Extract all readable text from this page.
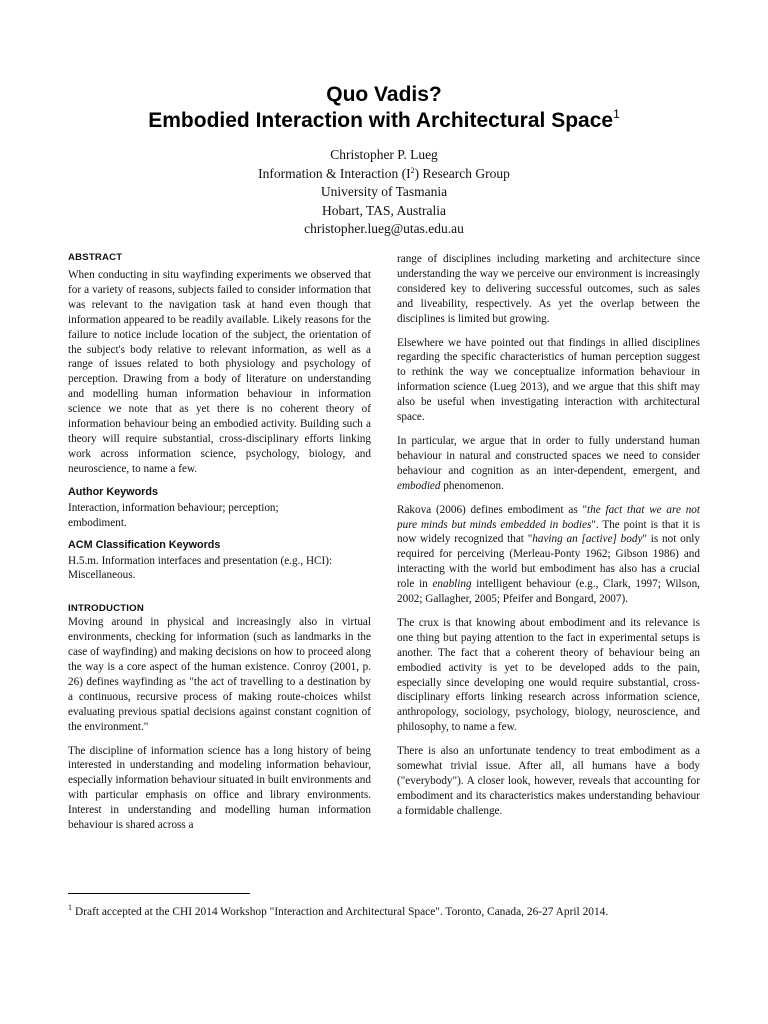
Quo Vadis?
Embodied Interaction with Architectural Space$^1$
Christopher P. Lueg
Information & Interaction $(I^2)$ Research Group
University of Tasmania
Hobart, TAS, Australia
christopher.lueg@utas.edu.au
ABSTRACT

When conducting in situ wayfinding experiments we observed that for a variety of reasons, subjects failed to consider information that was relevant to the navigation task at hand even though that information appeared to be readily available. Likely reasons for the failure to notice include location of the subject, the orientation of the subject's body relative to relevant information, as well as a range of issues related to both physiology and psychology of perception. Drawing from a body of literature on understanding and modelling human information behaviour in information science we note that as yet there is no coherent theory of information behaviour being an embodied activity. Building such a theory will require substantial, cross-disciplinary efforts linking work across information science, psychology, biology, and neuroscience, to name a few.

Author Keywords
Interaction, information behaviour; perception;
embodiment.
ACM Classification Keywords
H.5.m. Information interfaces and presentation (e.g., HCI):
Miscellaneous.
INTRODUCTION

Moving around in physical and increasingly also in virtual environments, checking for information (such as landmarks in the case of wayfinding) and making decisions on how to proceed along the way is a core aspect of the human existence. Conroy (2001, p. 26) defines wayfinding as "the act of travelling to a destination by a continuous, recursive process of making route-choices whilst evaluating previous spatial decisions against constant cognition of the environment."

The discipline of information science has a long history of being interested in understanding and modeling information behaviour, especially information behaviour situated in built environments and with particular emphasis on office and library environments. Interest in understanding and modelling human information behaviour is shared across a

range of disciplines including marketing and architecture since understanding the way we perceive our environment is increasingly considered key to delivering successful outcomes, such as sales and liveability, respectively. As yet the overlap between the disciplines is limited but growing.

Elsewhere we have pointed out that findings in allied disciplines regarding the specific characteristics of human perception suggest to rethink the way we conceptualize information behaviour in information science (Lueg 2013), and we argue that this shift may also be useful when investigating interaction with architectural space.

In particular, we argue that in order to fully understand human behaviour in natural and constructed spaces we need to consider behaviour and cognition as an inter-dependent, emergent, and embodied phenomenon.

Rakova (2006) defines embodiment as "the fact that we are not pure minds but minds embedded in bodies". The point is that it is now widely recognized that "having an [active] body" is not only required for perceiving (Merleau-Ponty 1962; Gibson 1986) and interacting with the world but embodiment has also has a crucial role in enabling intelligent behaviour (e.g., Clark, 1997; Wilson, 2002; Gallagher, 2005; Pfeifer and Bongard, 2007).

The crux is that knowing about embodiment and its relevance is one thing but paying attention to the fact in experimental setups is another. The fact that a coherent theory of behaviour being an embodied activity is yet to be developed adds to the pain, especially since developing one would require substantial, cross-disciplinary efforts linking research across information science, anthropology, sociology, psychology, biology, neuroscience, and philosophy, to name a few.

There is also an unfortunate tendency to treat embodiment as a somewhat trivial issue. After all, all humans have a body ("everybody"). A closer look, however, reveals that accounting for embodiment and its characteristics makes understanding behaviour a formidable challenge.

$^1$ Draft accepted at the CHI 2014 Workshop "Interaction and Architectural Space". Toronto, Canada, 26-27 April 2014.
